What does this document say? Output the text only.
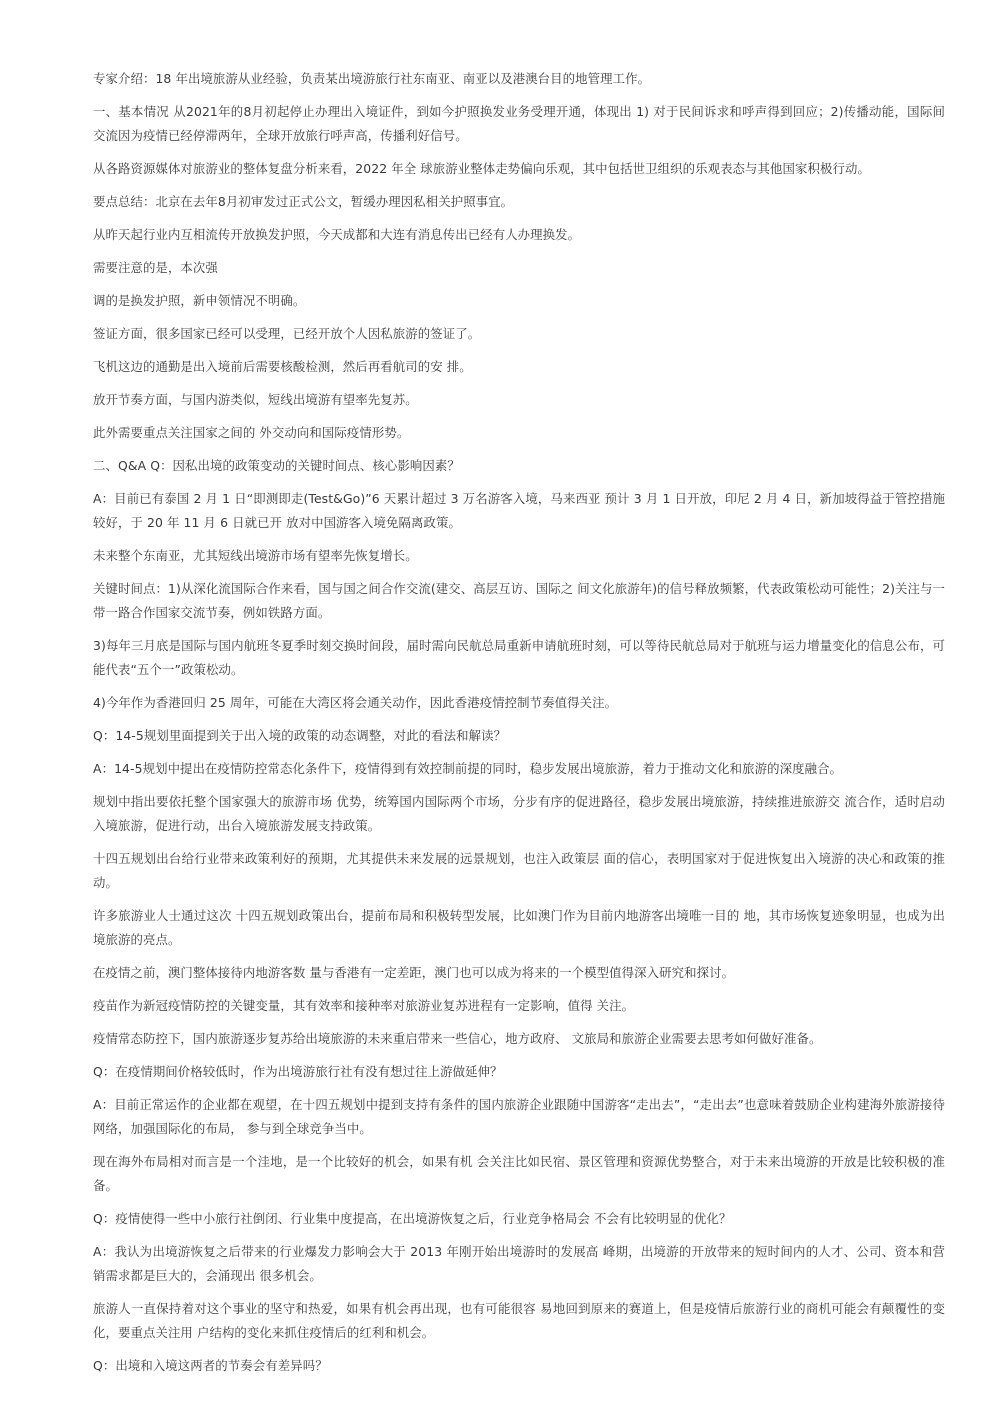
专家介绍：18 年出境旅游从业经验，负责某出境游旅行社东南亚、南亚以及港澳台目的地管理工作。

一、基本情况 从2021年的8月初起停止办理出入境证件，到如今护照换发业务受理开通，体现出 1) 对于民间诉求和呼声得到回应；2)传播动能，国际间交流因为疫情已经停滞两年，全球开放旅行呼声高，传播利好信号。

从各路资源媒体对旅游业的整体复盘分析来看，2022 年全 球旅游业整体走势偏向乐观，其中包括世卫组织的乐观表态与其他国家积极行动。

要点总结：北京在去年8月初审发过正式公文，暂缓办理因私相关护照事宜。

从昨天起行业内互相流传开放换发护照，今天成都和大连有消息传出已经有人办理换发。

需要注意的是，本次强

调的是换发护照，新申领情况不明确。

签证方面，很多国家已经可以受理，已经开放个人因私旅游的签证了。

飞机这边的通勤是出入境前后需要核酸检测，然后再看航司的安 排。

放开节奏方面，与国内游类似，短线出境游有望率先复苏。

此外需要重点关注国家之间的 外交动向和国际疫情形势。

二、Q&A Q：因私出境的政策变动的关键时间点、核心影响因素？

A：目前已有泰国 2 月 1 日“即测即走(Test&Go)”6 天累计超过 3 万名游客入境，马来西亚 预计 3 月 1 日开放，印尼 2 月 4 日，新加坡得益于管控措施较好，于 20 年 11 月 6 日就已开 放对中国游客入境免隔离政策。

未来整个东南亚，尤其短线出境游市场有望率先恢复增长。

关键时间点：1)从深化流国际合作来看，国与国之间合作交流(建交、高层互访、国际之 间文化旅游年)的信号释放频繁，代表政策松动可能性；2)关注与一带一路合作国家交流节奏，例如铁路方面。

3)每年三月底是国际与国内航班冬夏季时刻交换时间段，届时需向民航总局重新申请航班时刻，可以等待民航总局对于航班与运力增量变化的信息公布，可能代表“五个一”政策松动。

4)今年作为香港回归 25 周年，可能在大湾区将会通关动作，因此香港疫情控制节奏值得关注。

Q：14-5规划里面提到关于出入境的政策的动态调整，对此的看法和解读？

A：14-5规划中提出在疫情防控常态化条件下，疫情得到有效控制前提的同时，稳步发展出境旅游，着力于推动文化和旅游的深度融合。

规划中指出要依托整个国家强大的旅游市场 优势，统筹国内国际两个市场，分步有序的促进路径，稳步发展出境旅游，持续推进旅游交 流合作，适时启动入境旅游，促进行动，出台入境旅游发展支持政策。

十四五规划出台给行业带来政策利好的预期，尤其提供未来发展的远景规划，也注入政策层 面的信心，表明国家对于促进恢复出入境游的决心和政策的推动。

许多旅游业人士通过这次 十四五规划政策出台，提前布局和积极转型发展，比如澳门作为目前内地游客出境唯一目的 地，其市场恢复迹象明显，也成为出境旅游的亮点。

在疫情之前，澳门整体接待内地游客数 量与香港有一定差距，澳门也可以成为将来的一个模型值得深入研究和探讨。

疫苗作为新冠疫情防控的关键变量，其有效率和接种率对旅游业复苏进程有一定影响，值得 关注。

疫情常态防控下，国内旅游逐步复苏给出境旅游的未来重启带来一些信心，地方政府、 文旅局和旅游企业需要去思考如何做好准备。

Q：在疫情期间价格较低时，作为出境游旅行社有没有想过往上游做延伸？

A：目前正常运作的企业都在观望，在十四五规划中提到支持有条件的国内旅游企业跟随中国游客“走出去”，“走出去”也意味着鼓励企业构建海外旅游接待网络，加强国际化的布局， 参与到全球竞争当中。

现在海外布局相对而言是一个洼地，是一个比较好的机会，如果有机 会关注比如民宿、景区管理和资源优势整合，对于未来出境游的开放是比较积极的准备。

Q：疫情使得一些中小旅行社倒闭、行业集中度提高，在出境游恢复之后，行业竞争格局会 不会有比较明显的优化？

A：我认为出境游恢复之后带来的行业爆发力影响会大于 2013 年刚开始出境游时的发展高 峰期，出境游的开放带来的短时间内的人才、公司、资本和营销需求都是巨大的，会涌现出 很多机会。

旅游人一直保持着对这个事业的坚守和热爱，如果有机会再出现，也有可能很容 易地回到原来的赛道上，但是疫情后旅游行业的商机可能会有颠覆性的变化，要重点关注用 户结构的变化来抓住疫情后的红利和机会。

Q：出境和入境这两者的节奏会有差异吗？
